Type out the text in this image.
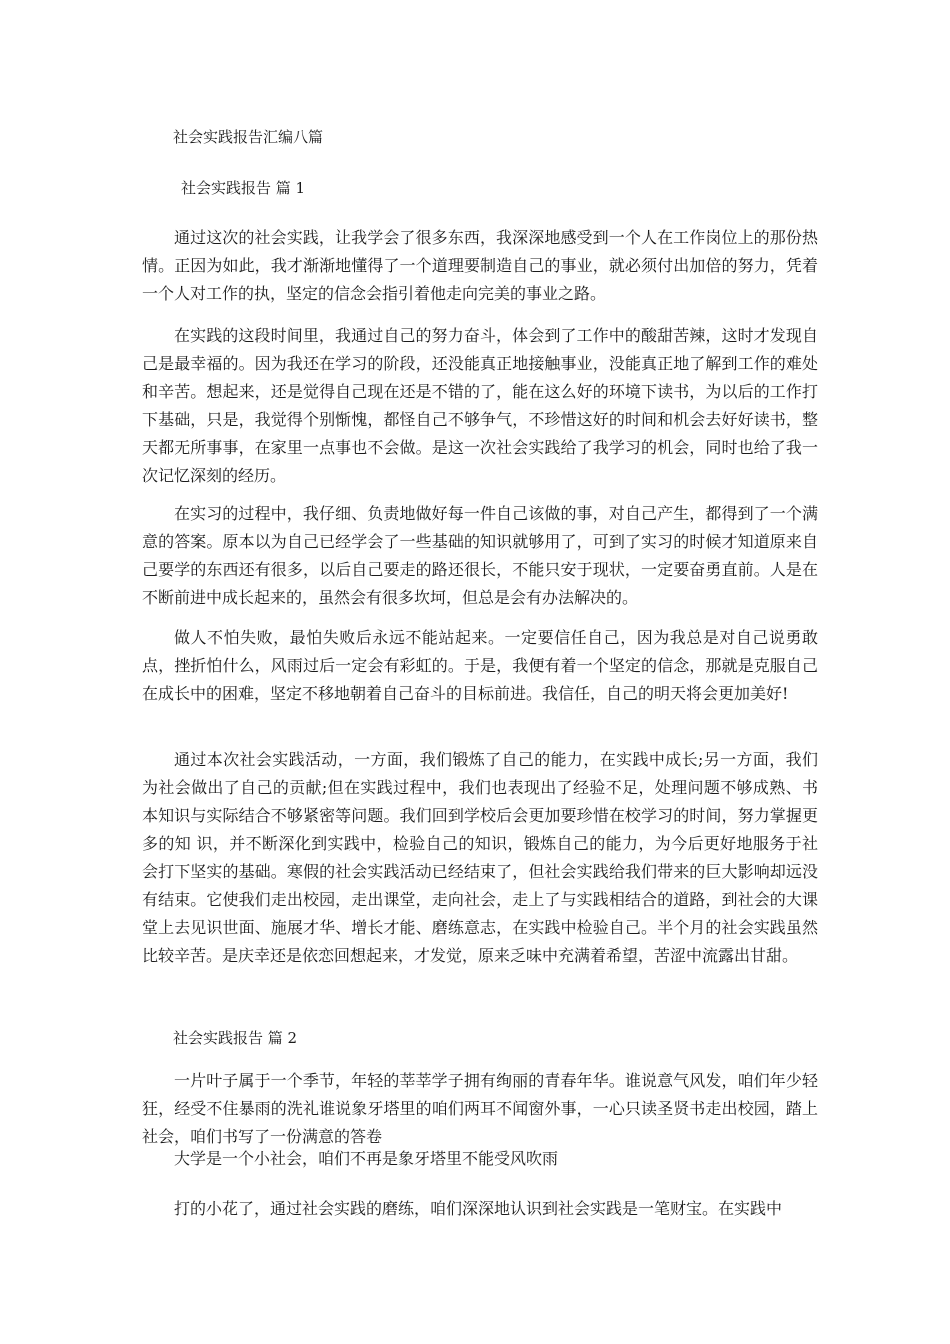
社会实践报告汇编八篇
社会实践报告 篇 1

通过这次的社会实践，让我学会了很多东西，我深深地感受到一个人在工作岗位上的那份热情。正因为如此，我才渐渐地懂得了一个道理要制造自己的事业，就必须付出加倍的努力，凭着一个人对工作的执，坚定的信念会指引着他走向完美的事业之路。

在实践的这段时间里，我通过自己的努力奋斗，体会到了工作中的酸甜苦辣，这时才发现自己是最幸福的。因为我还在学习的阶段，还没能真正地接触事业，没能真正地了解到工作的难处和辛苦。想起来，还是觉得自己现在还是不错的了，能在这么好的环境下读书，为以后的工作打下基础，只是，我觉得个别惭愧，都怪自己不够争气，不珍惜这好的时间和机会去好好读书，整天都无所事事，在家里一点事也不会做。是这一次社会实践给了我学习的机会，同时也给了我一次记忆深刻的经历。

在实习的过程中，我仔细、负责地做好每一件自己该做的事，对自己产生，都得到了一个满意的答案。原本以为自己已经学会了一些基础的知识就够用了，可到了实习的时候才知道原来自己要学的东西还有很多，以后自己要走的路还很长，不能只安于现状，一定要奋勇直前。人是在不断前进中成长起来的，虽然会有很多坎坷，但总是会有办法解决的。

做人不怕失败，最怕失败后永远不能站起来。一定要信任自己，因为我总是对自己说勇敢点，挫折怕什么，风雨过后一定会有彩虹的。于是，我便有着一个坚定的信念，那就是克服自己在成长中的困难，坚定不移地朝着自己奋斗的目标前进。我信任，自己的明天将会更加美好!

通过本次社会实践活动，一方面，我们锻炼了自己的能力，在实践中成长;另一方面，我们为社会做出了自己的贡献;但在实践过程中，我们也表现出了经验不足，处理问题不够成熟、书本知识与实际结合不够紧密等问题。我们回到学校后会更加要珍惜在校学习的时间，努力掌握更多的知 识，并不断深化到实践中，检验自己的知识，锻炼自己的能力，为今后更好地服务于社会打下坚实的基础。寒假的社会实践活动已经结束了，但社会实践给我们带来的巨大影响却远没有结束。它使我们走出校园，走出课堂，走向社会，走上了与实践相结合的道路，到社会的大课堂上去见识世面、施展才华、增长才能、磨练意志，在实践中检验自己。半个月的社会实践虽然比较辛苦。是庆幸还是依恋回想起来，才发觉，原来乏味中充满着希望，苦涩中流露出甘甜。

社会实践报告 篇 2

一片叶子属于一个季节，年轻的莘莘学子拥有绚丽的青春年华。谁说意气风发，咱们年少轻狂，经受不住暴雨的洗礼谁说象牙塔里的咱们两耳不闻窗外事，一心只读圣贤书走出校园，踏上社会，咱们书写了一份满意的答卷

大学是一个小社会，咱们不再是象牙塔里不能受风吹雨

打的小花了，通过社会实践的磨练，咱们深深地认识到社会实践是一笔财宝。在实践中
